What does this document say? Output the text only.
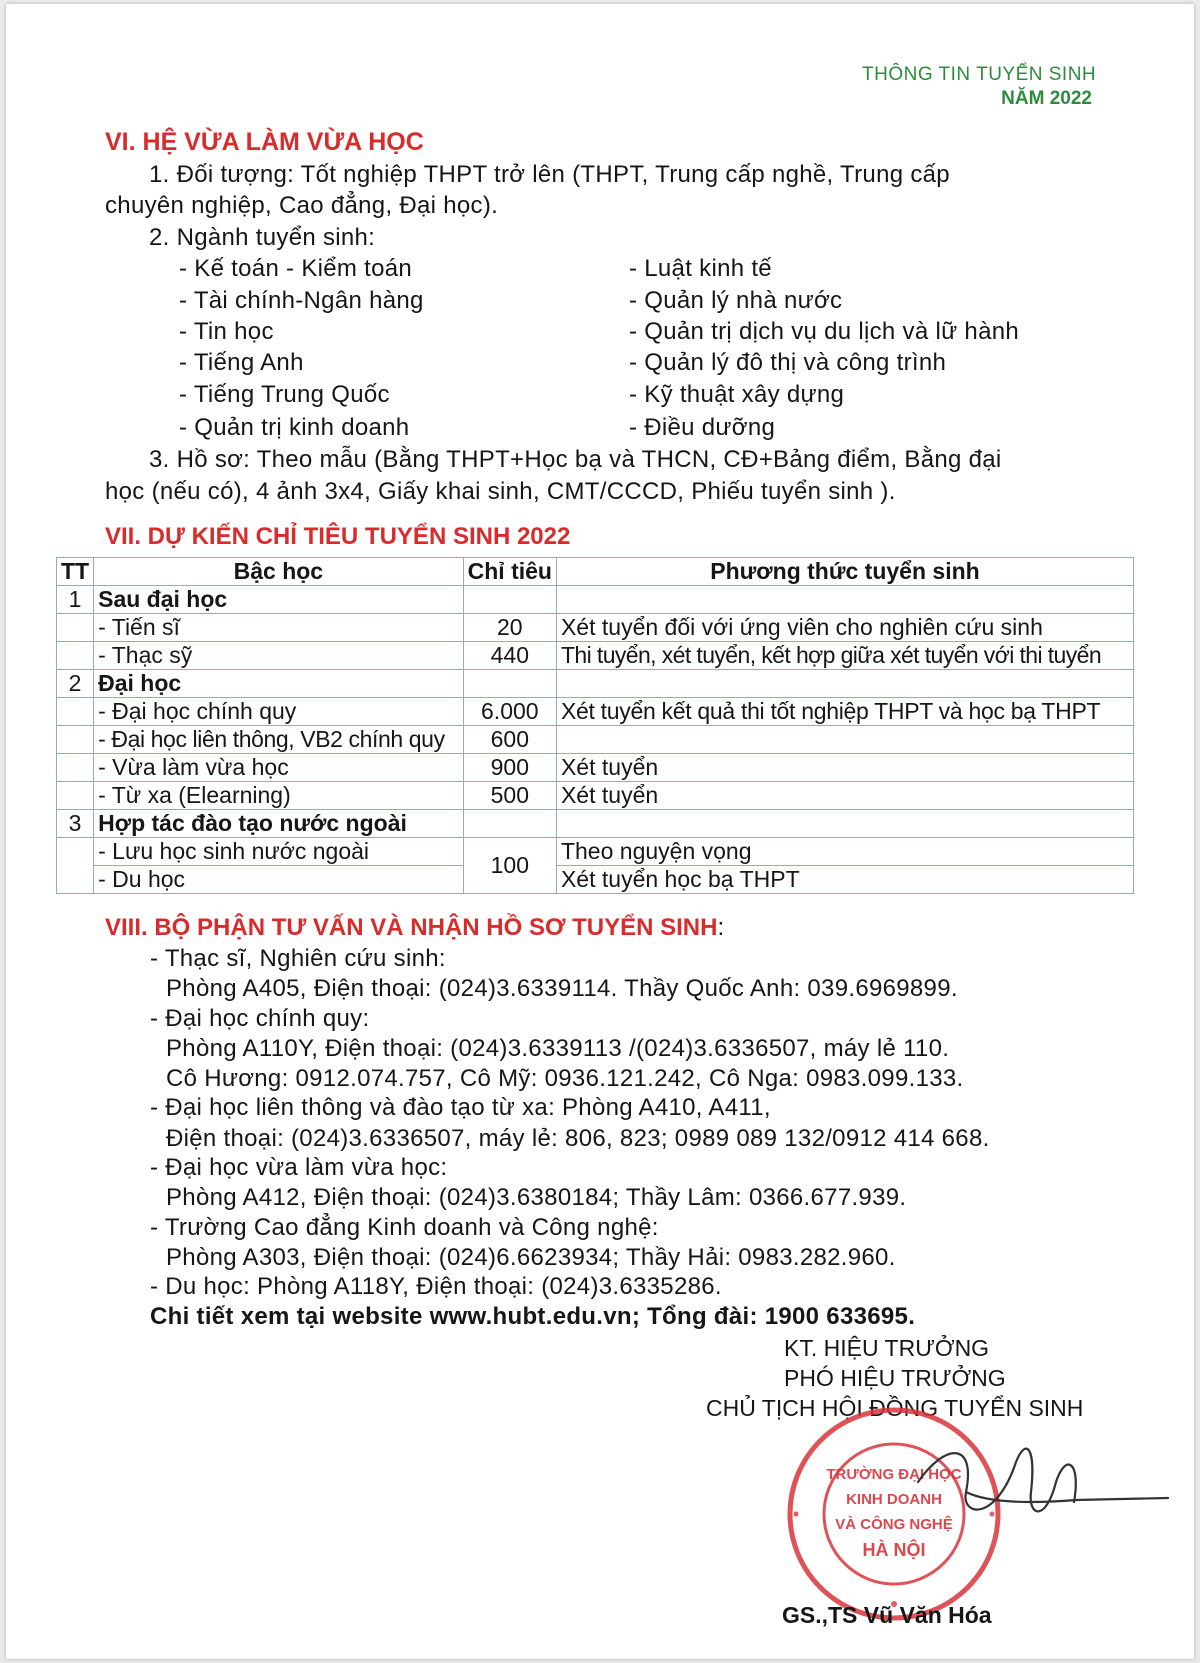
THÔNG TIN TUYỂN SINH
NĂM 2022
VI. HỆ VỪA LÀM VỪA HỌC
1. Đối tượng: Tốt nghiệp THPT trở lên (THPT, Trung cấp nghề, Trung cấp
chuyên nghiệp, Cao đẳng, Đại học).
2. Ngành tuyển sinh:
- Kế toán - Kiểm toán
- Tài chính-Ngân hàng
- Tin học
- Tiếng Anh
- Tiếng Trung Quốc
- Quản trị kinh doanh
- Luật kinh tế
- Quản lý nhà nước
- Quản trị dịch vụ du lịch và lữ hành
- Quản lý đô thị và công trình
- Kỹ thuật xây dựng
- Điều dưỡng
3. Hồ sơ: Theo mẫu (Bằng THPT+Học bạ và THCN, CĐ+Bảng điểm, Bằng đại
học (nếu có), 4 ảnh 3x4, Giấy khai sinh, CMT/CCCD, Phiếu tuyển sinh ).
VII. DỰ KIẾN CHỈ TIÊU TUYỂN SINH 2022
TT	Bậc học	Chỉ tiêu	Phương thức tuyển sinh
1	Sau đại học		
	- Tiến sĩ	20	Xét tuyển đối với ứng viên cho nghiên cứu sinh
	- Thạc sỹ	440	Thi tuyển, xét tuyển, kết hợp giữa xét tuyển với thi tuyển
2	Đại học		
	- Đại học chính quy	6.000	Xét tuyển kết quả thi tốt nghiệp THPT và học bạ THPT
	- Đại học liên thông, VB2 chính quy	600	
	- Vừa làm vừa học	900	Xét tuyển
	- Từ xa (Elearning)	500	Xét tuyển
3	Hợp tác đào tạo nước ngoài		
	- Lưu học sinh nước ngoài	100	Theo nguyện vọng
	- Du học		Xét tuyển học bạ THPT
VIII. BỘ PHẬN TƯ VẤN VÀ NHẬN HỒ SƠ TUYỂN SINH:
- Thạc sĩ, Nghiên cứu sinh:
Phòng A405, Điện thoại: (024)3.6339114. Thầy Quốc Anh: 039.6969899.
- Đại học chính quy:
Phòng A110Y, Điện thoại: (024)3.6339113 /(024)3.6336507, máy lẻ 110.
Cô Hương: 0912.074.757, Cô Mỹ: 0936.121.242, Cô Nga: 0983.099.133.
- Đại học liên thông và đào tạo từ xa: Phòng A410, A411,
Điện thoại: (024)3.6336507, máy lẻ: 806, 823; 0989 089 132/0912 414 668.
- Đại học vừa làm vừa học:
Phòng A412, Điện thoại: (024)3.6380184; Thầy Lâm: 0366.677.939.
- Trường Cao đẳng Kinh doanh và Công nghệ:
Phòng A303, Điện thoại: (024)6.6623934; Thầy Hải: 0983.282.960.
- Du học: Phòng A118Y, Điện thoại: (024)3.6335286.
Chi tiết xem tại website www.hubt.edu.vn; Tổng đài: 1900 633695.
KT. HIỆU TRƯỞNG
PHÓ HIỆU TRƯỞNG
CHỦ TỊCH HỘI ĐỒNG TUYỂN SINH
TRƯỜNG ĐẠI HỌC
KINH DOANH
VÀ CÔNG NGHỆ
HÀ NỘI
GS.,TS Vũ Văn Hóa
